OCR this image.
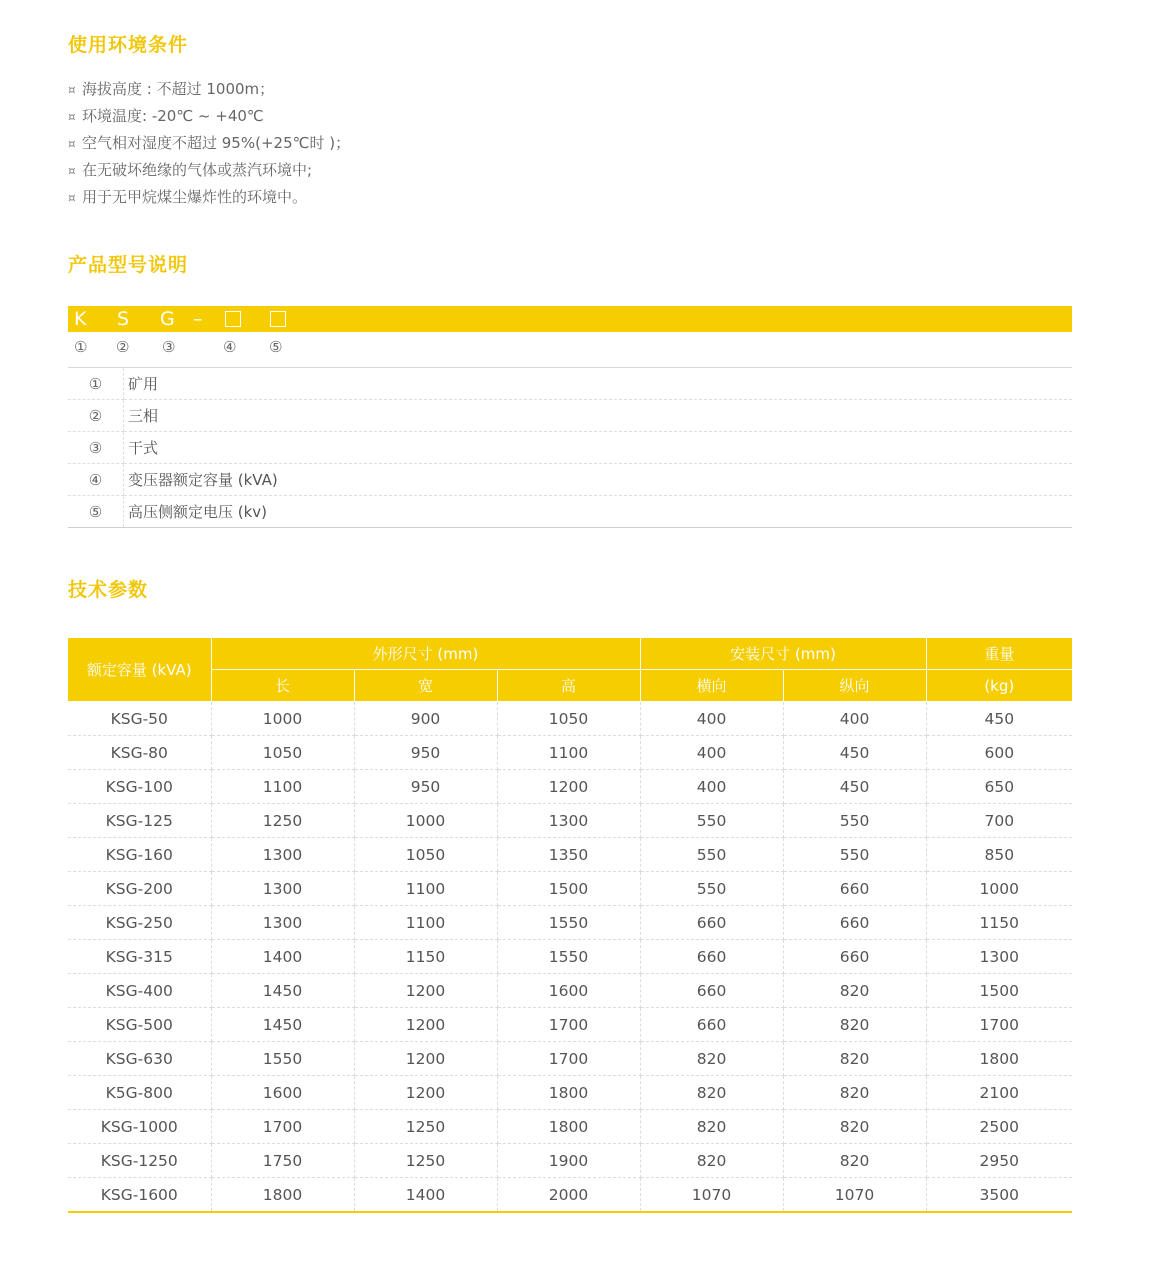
使用环境条件
¤ 海拔高度 : 不超过 1000m；
¤ 环境温度: -20℃ ~ +40℃
¤ 空气相对湿度不超过 95%(+25℃时 )；
¤ 在无破坏绝缘的气体或蒸汽环境中;
¤ 用于无甲烷煤尘爆炸性的环境中。
产品型号说明
K S G –
① ② ③	④ ⑤
①	矿用
②	三相
③	干式
④	变压器额定容量 (kVA)
⑤	高压侧额定电压 (kv)
技术参数
额定容量 (kVA)	外形尺寸 (mm)			安装尺寸 (mm)		重量
	长	宽	高	横向	纵向	(kg)
KSG-50	1000	900	1050	400	400	450
KSG-80	1050	950	1100	400	450	600
KSG-100	1100	950	1200	400	450	650
KSG-125	1250	1000	1300	550	550	700
KSG-160	1300	1050	1350	550	550	850
KSG-200	1300	1100	1500	550	660	1000
KSG-250	1300	1100	1550	660	660	1150
KSG-315	1400	1150	1550	660	660	1300
KSG-400	1450	1200	1600	660	820	1500
KSG-500	1450	1200	1700	660	820	1700
KSG-630	1550	1200	1700	820	820	1800
K5G-800	1600	1200	1800	820	820	2100
KSG-1000	1700	1250	1800	820	820	2500
KSG-1250	1750	1250	1900	820	820	2950
KSG-1600	1800	1400	2000	1070	1070	3500
